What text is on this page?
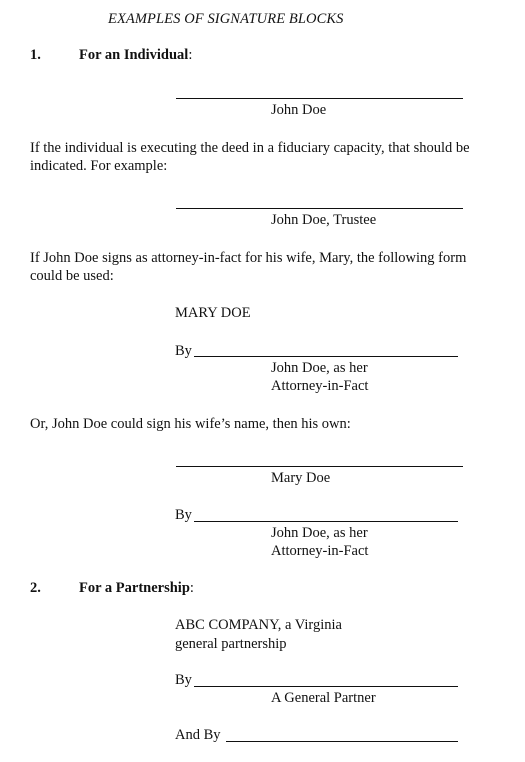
EXAMPLES OF SIGNATURE BLOCKS
1.	For an Individual:
John Doe
If the individual is executing the deed in a fiduciary capacity, that should be indicated. For example:
John Doe, Trustee
If John Doe signs as attorney-in-fact for his wife, Mary, the following form could be used:
MARY DOE
By
John Doe, as her
Attorney-in-Fact
Or, John Doe could sign his wife’s name, then his own:
Mary Doe
By
John Doe, as her
Attorney-in-Fact
2.	For a Partnership:
ABC COMPANY, a Virginia
general partnership
By
A General Partner
And By
